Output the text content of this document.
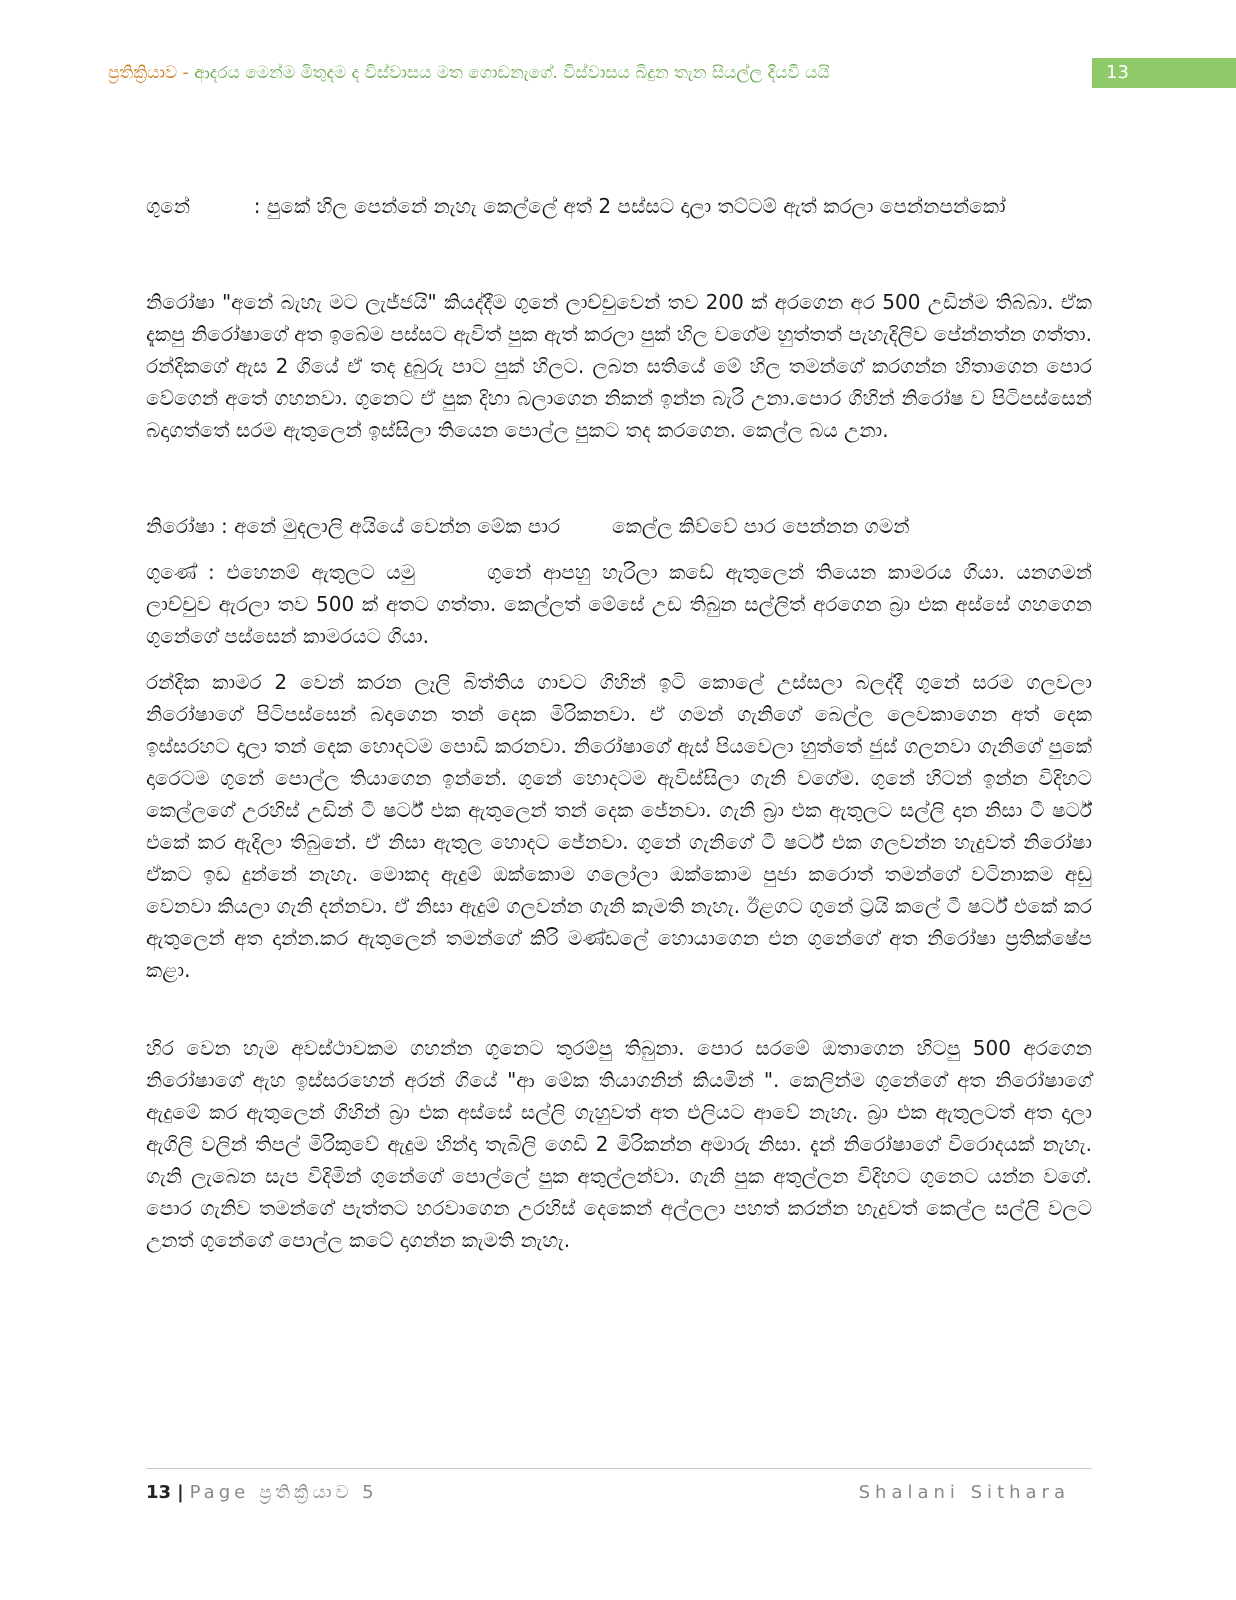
ප්‍රතික්‍රියාව - ආදරය මෙන්ම මිතුදම ද විස්වාසය මත ගොඩනැගේ. විස්වාසය බිදුන තැන සියල්ල දියවී යයි	13

ගුනේ          : පුකේ හිල පෙන්නේ නැහැ කෙල්ලේ අත් 2 පස්සට දාලා තට්ටම් ඇත් කරලා පෙන්නපන්කෝ

නිරෝෂා "අනේ බැහැ මට ලැජ්ජයි" කියද්දීම ගුනේ ලාච්චුවෙන් තව 200 ක් අරගෙන අර 500 උඩින්ම තිබ්බා. ඒක දැකපු නිරෝෂාගේ අත ඉබේම පස්සට ඇවිත් පුක ඇත් කරලා පුක් හිල වගේම හුත්තත් පැහැදිලිව පේන්නත්න ගත්තා. රන්දිකගේ ඇස 2 ගියේ ඒ තද දුබුරු පාට පුක් හිලට. ලබන සතියේ මේ හිල තමන්ගේ කරගන්න හිතාගෙන පොර වේගෙන් අතේ ගහනවා. ගුනෙට ඒ පුක දිහා බලාගෙන නිකන් ඉන්න බැරි උනා.පොර ගිහින් නිරෝෂ ව පිටිපස්සෙන් බදාගත්තේ සරම ඇතුලෙන් ඉස්සිලා තියෙන පොල්ල පුකට තද කරගෙන. කෙල්ල බය උනා.

නිරෝෂා : අනේ මුදලාලි අයියේ වෙන්න මේක පාර	කෙල්ල කිව්වේ පාර පෙන්නන ගමන්

ගුණේ : එහෙනම් ඇතුලට යමු	ගුනේ ආපහු හැරිලා කඩේ ඇතුලෙන් තියෙන කාමරය ගියා. යනගමන් ලාච්චුව ඇරලා තව 500 ක් අතට ගත්තා. කෙල්ලත් මේසේ උඩ තිබුන සල්ලිත් අරගෙන බ්‍රා එක අස්සේ ගහගෙන ගුනේගේ පස්සෙන් කාමරයට ගියා.

රන්දික කාමර 2 වෙන් කරන ලෑලි බිත්තිය ගාවට ගිහින් ඉටි කොලේ උස්සලා බලද්දී ගුනේ සරම ගලවලා නිරෝෂාගේ පිටිපස්සෙන් බදාගෙන තන් දෙක මිරිකනවා. ඒ ගමන් ගැනිගේ බෙල්ල ලෙවකාගෙන අත් දෙක ඉස්සරහට දාලා තන් දෙක හොදටම පොඩි කරනවා. නිරෝෂාගේ ඇස් පියවෙලා හුත්තේ ජුස් ගලනවා ගැනිගේ පුකේ දාරෙටම ගුනේ පොල්ල තියාගෙන ඉන්නේ. ගුනේ හොදටම ඇවිස්සිලා ගැනි වගේම. ගුනේ හිටන් ඉන්න විදිහට කෙල්ලගේ උරහිස් උඩින් ටී ෂර්ට් එක ඇතුලෙන් තන් දෙක ජේනවා. ගැනි බ්‍රා එක ඇතුලට සල්ලි දාන නිසා ටී ෂර්ට් එකේ කර ඇදිලා තිබුනේ. ඒ නිසා ඇතුල හොදට ජේනවා. ගුනේ ගැනිගේ ටී ෂර්ට් එක ගලවන්න හැදුවත් නිරෝෂා ඒකට ඉඩ දුන්නේ නැහැ. මොකද ඇදුම් ඔක්කොම ගලෝලා ඔක්කොම පුජා කරොත් තමන්ගේ වටිනාකම අඩු වෙනවා කියලා ගැනි දන්නවා. ඒ නිසා ඇදුම් ගලවන්න ගැනි කැමති නැහැ. ඊළගට ගුනේ ට්‍රයි කලේ ටී ෂර්ට් එකේ කර ඇතුලෙන් අත දාන්න.කර ඇතුලෙන් තමන්ගේ කිරි මණ්ඩලේ හොයාගෙන එන ගුනේගේ අත නිරෝෂා ප්‍රතික්ෂේප කළා.

හිර වෙන හැම අවස්ථාවකම ගහන්න ගුනෙට තුරම්පු තිබුනා. පොර සරමේ ඔතාගෙන හිටපු 500 අරගෙන නිරෝෂාගේ ඇහ ඉස්සරහෙන් අරන් ගියේ "ආ මේක තියාගනින් කියමින් ". කෙලින්ම ගුනේගේ අත නිරෝෂාගේ ඇදුමේ කර ඇතුලෙන් ගිහින් බ්‍රා එක අස්සේ සල්ලි ගැහුවත් අත එලියට ආවේ නැහැ. බ්‍රා එක ඇතුලටත් අත දාලා ඇගිලි වලින් තිපල් මිරිකුවේ ඇදුම හින්දා තැබිලි ගෙඩි 2 මිරිකන්න අමාරු නිසා. දැන් නිරෝෂාගේ විරොදයක් නැහැ. ගැනි ලැබෙන සැප විදිමින් ගුනේගේ පොල්ලේ පුක අතුල්ලන්වා. ගැනි පුක අතුල්ලන විදිහට ගුනෙට යන්න වගේ. පොර ගැනිව තමන්ගේ පැත්තට හරවාගෙන උරහිස් දෙකෙන් අල්ලලා පහත් කරන්න හැදුවත් කෙල්ල සල්ලි වලට උනත් ගුනේගේ පොල්ල කටේ දාගන්න කැමති නැහැ.

13 | Page ප්‍රතික්‍රියාව 5	Shalani Sithara
